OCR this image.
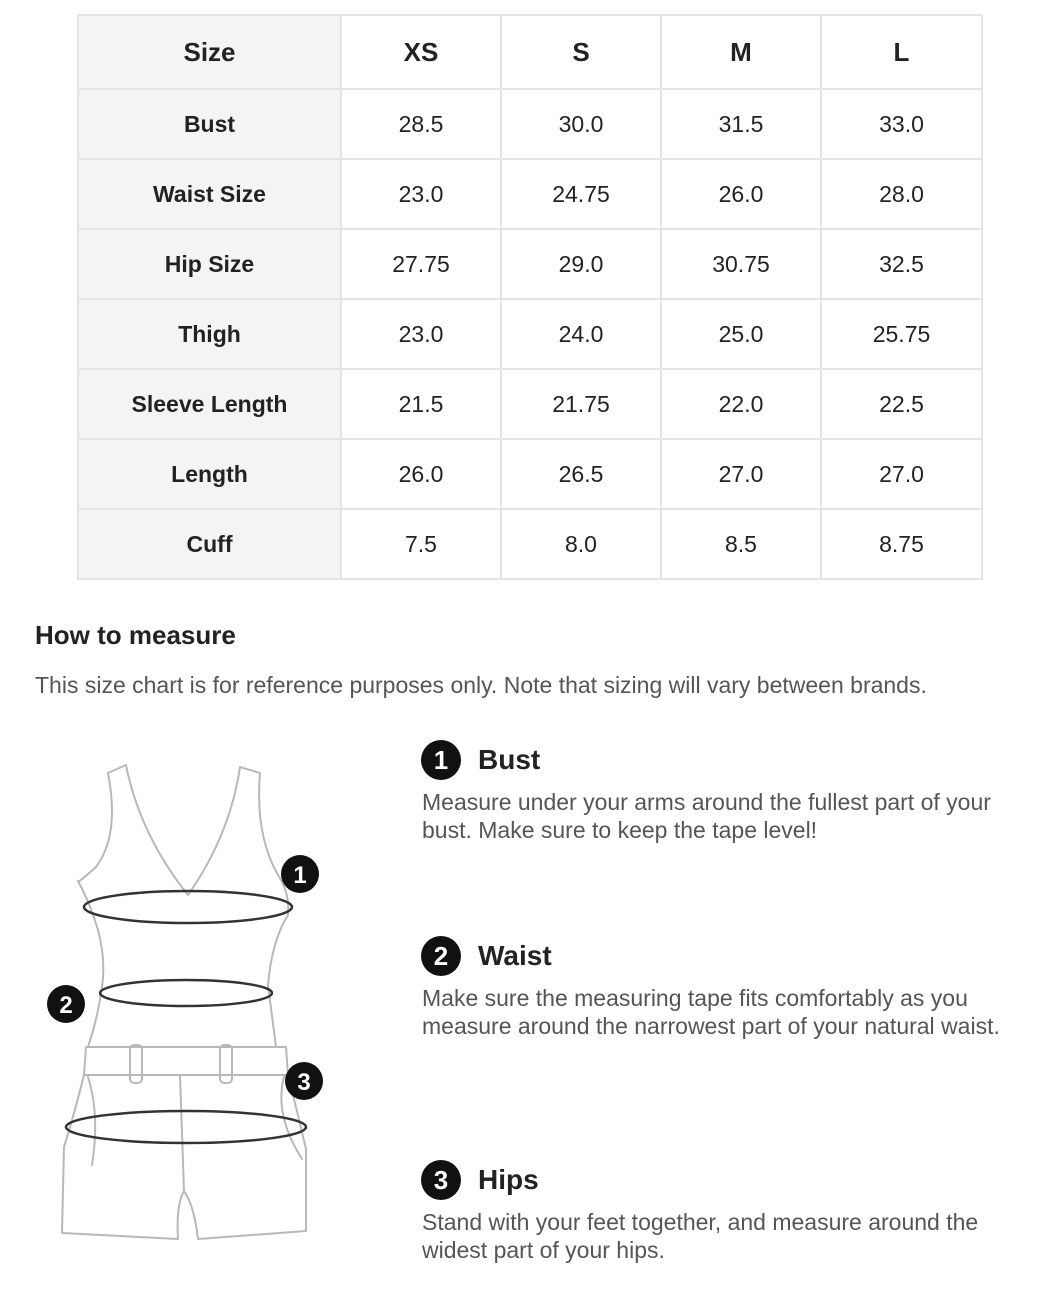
Size	XS	S	M	L
Bust	28.5	30.0	31.5	33.0
Waist Size	23.0	24.75	26.0	28.0
Hip Size	27.75	29.0	30.75	32.5
Thigh	23.0	24.0	25.0	25.75
Sleeve Length	21.5	21.75	22.0	22.5
Length	26.0	26.5	27.0	27.0
Cuff	7.5	8.0	8.5	8.75
How to measure

This size chart is for reference purposes only. Note that sizing will vary between brands.

1
2
3
1	Bust

Measure under your arms around the fullest part of your bust. Make sure to keep the tape level!

2	Waist

Make sure the measuring tape fits comfortably as you measure around the narrowest part of your natural waist.

3	Hips

Stand with your feet together, and measure around the widest part of your hips.
